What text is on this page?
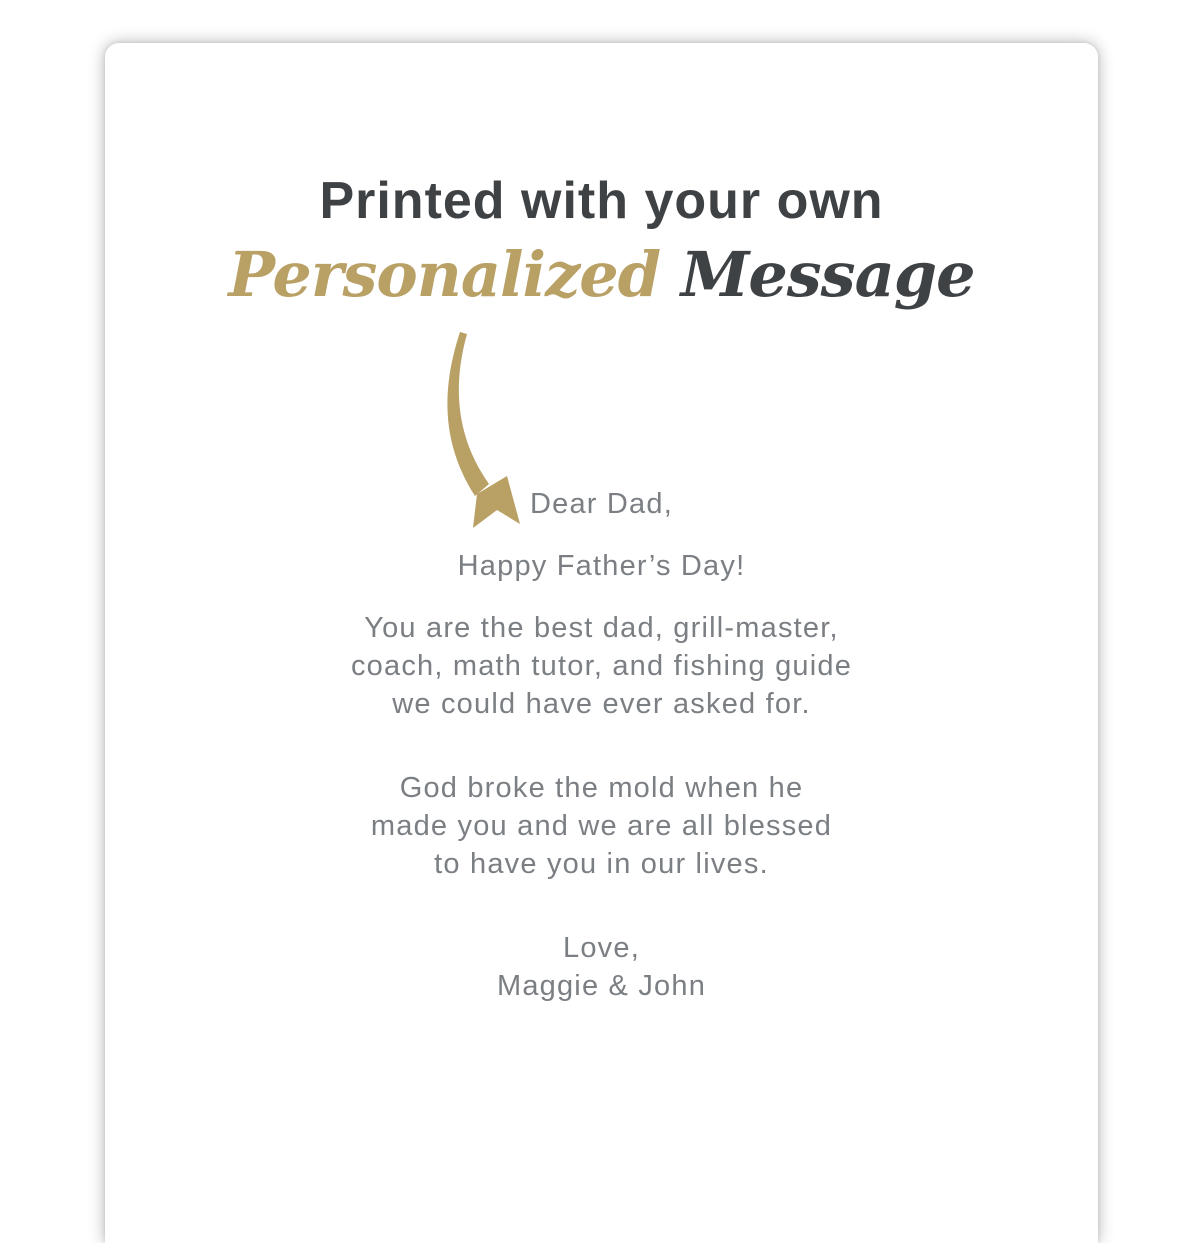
Printed with your own
Personalized Message

Dear Dad,

Happy Father’s Day!

You are the best dad, grill-master,
coach, math tutor, and fishing guide
we could have ever asked for.

God broke the mold when he
made you and we are all blessed
to have you in our lives.

Love,
Maggie & John
